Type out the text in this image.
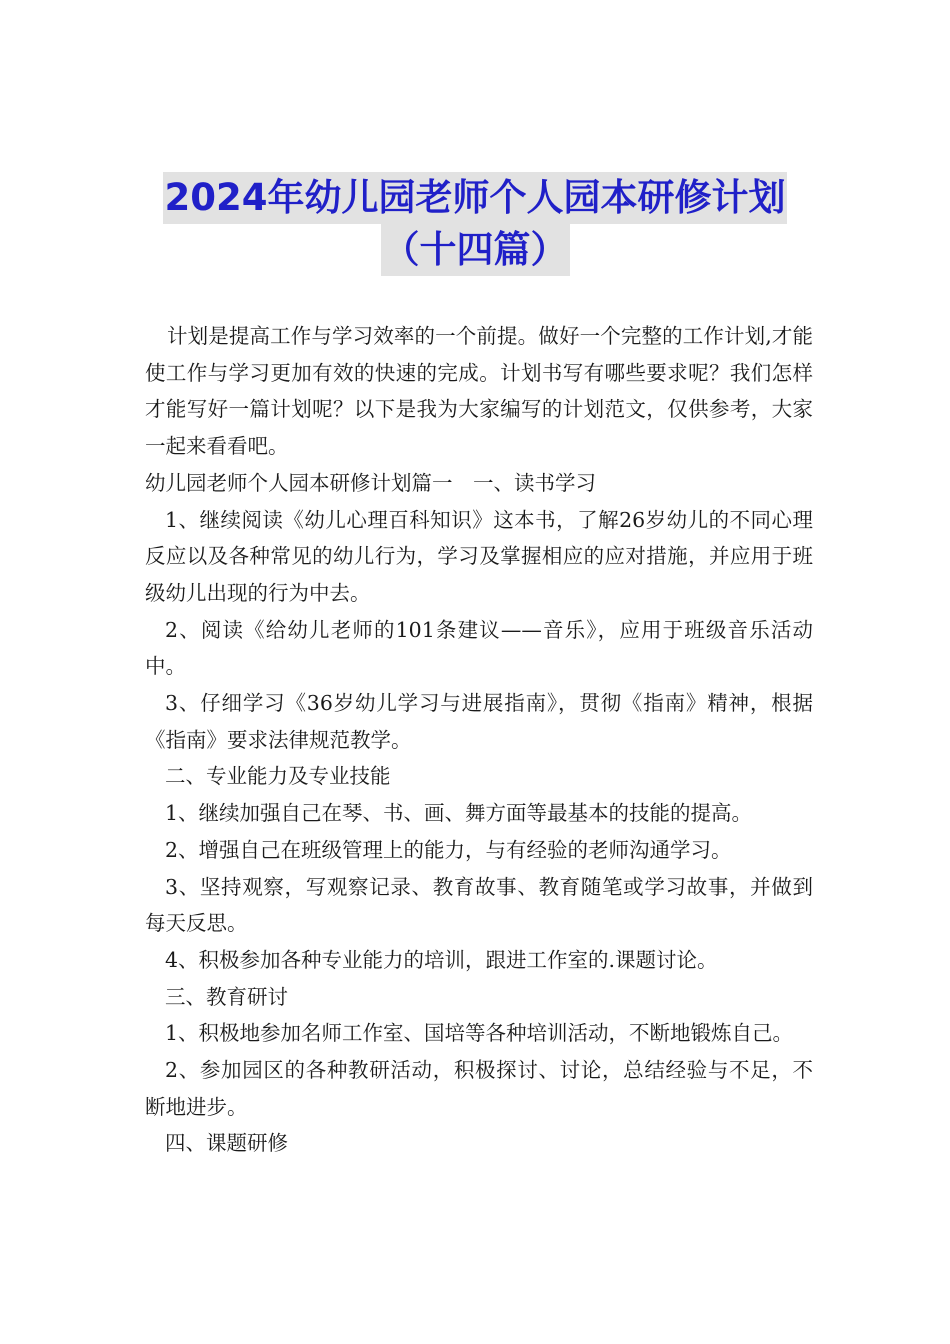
2024年幼儿园老师个人园本研修计划
（十四篇）

计划是提高工作与学习效率的一个前提。做好一个完整的工作计划,才能使工作与学习更加有效的快速的完成。计划书写有哪些要求呢？我们怎样才能写好一篇计划呢？以下是我为大家编写的计划范文，仅供参考，大家一起来看看吧。

幼儿园老师个人园本研修计划篇一　一、读书学习

1、继续阅读《幼儿心理百科知识》这本书，了解26岁幼儿的不同心理反应以及各种常见的幼儿行为，学习及掌握相应的应对措施，并应用于班级幼儿出现的行为中去。

2、阅读《给幼儿老师的101条建议——音乐》，应用于班级音乐活动中。

3、仔细学习《36岁幼儿学习与进展指南》，贯彻《指南》精神，根据《指南》要求法律规范教学。

二、专业能力及专业技能

1、继续加强自己在琴、书、画、舞方面等最基本的技能的提高。

2、增强自己在班级管理上的能力，与有经验的老师沟通学习。

3、坚持观察，写观察记录、教育故事、教育随笔或学习故事，并做到每天反思。

4、积极参加各种专业能力的培训，跟进工作室的.课题讨论。

三、教育研讨

1、积极地参加名师工作室、国培等各种培训活动，不断地锻炼自己。

2、参加园区的各种教研活动，积极探讨、讨论，总结经验与不足，不断地进步。

四、课题研修
